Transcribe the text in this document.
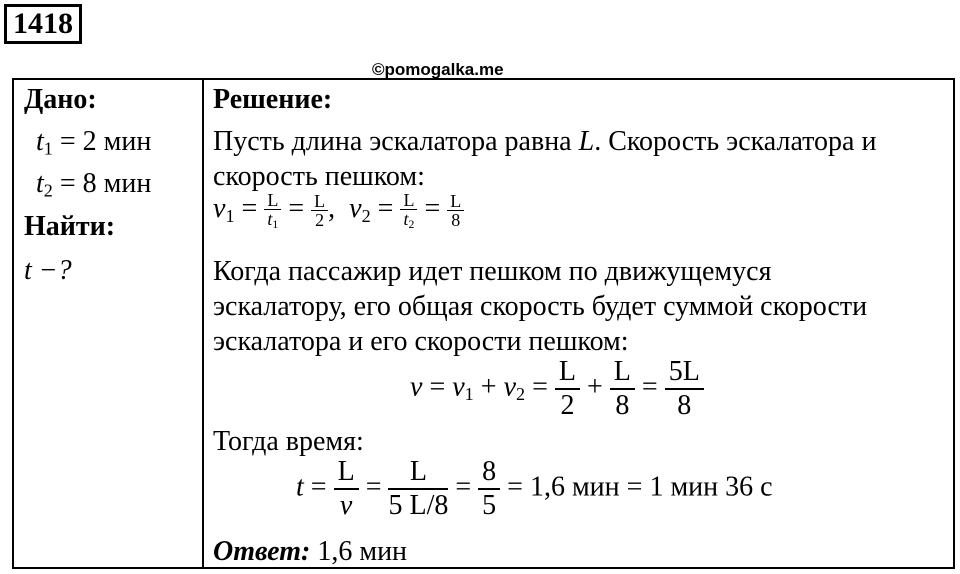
1418
©pomogalka.me
Дано:
$t_1 = 2$ мин
$t_2 = 8$ мин
Найти:
t −?
Решение:
Пусть длина эскалатора равна L. Скорость эскалатора и
скорость пешком:
$v_1 = \frac{L}{t_1} = \frac{L}{2}$ ,  $v_2 = \frac{L}{t_2} = \frac{L}{8}$
Когда пассажир идет пешком по движущемуся
эскалатору, его общая скорость будет суммой скорости
эскалатора и его скорости пешком:
$v = v_1 + v_2 = \frac{L}{2} + \frac{L}{8} = \frac{5L}{8}$
Тогда время:
$t = \frac{L}{v} = \frac{L}{5 L/8} = \frac{8}{5} = 1,6$ мин = 1 мин 36 с
Ответ: 1,6 мин
